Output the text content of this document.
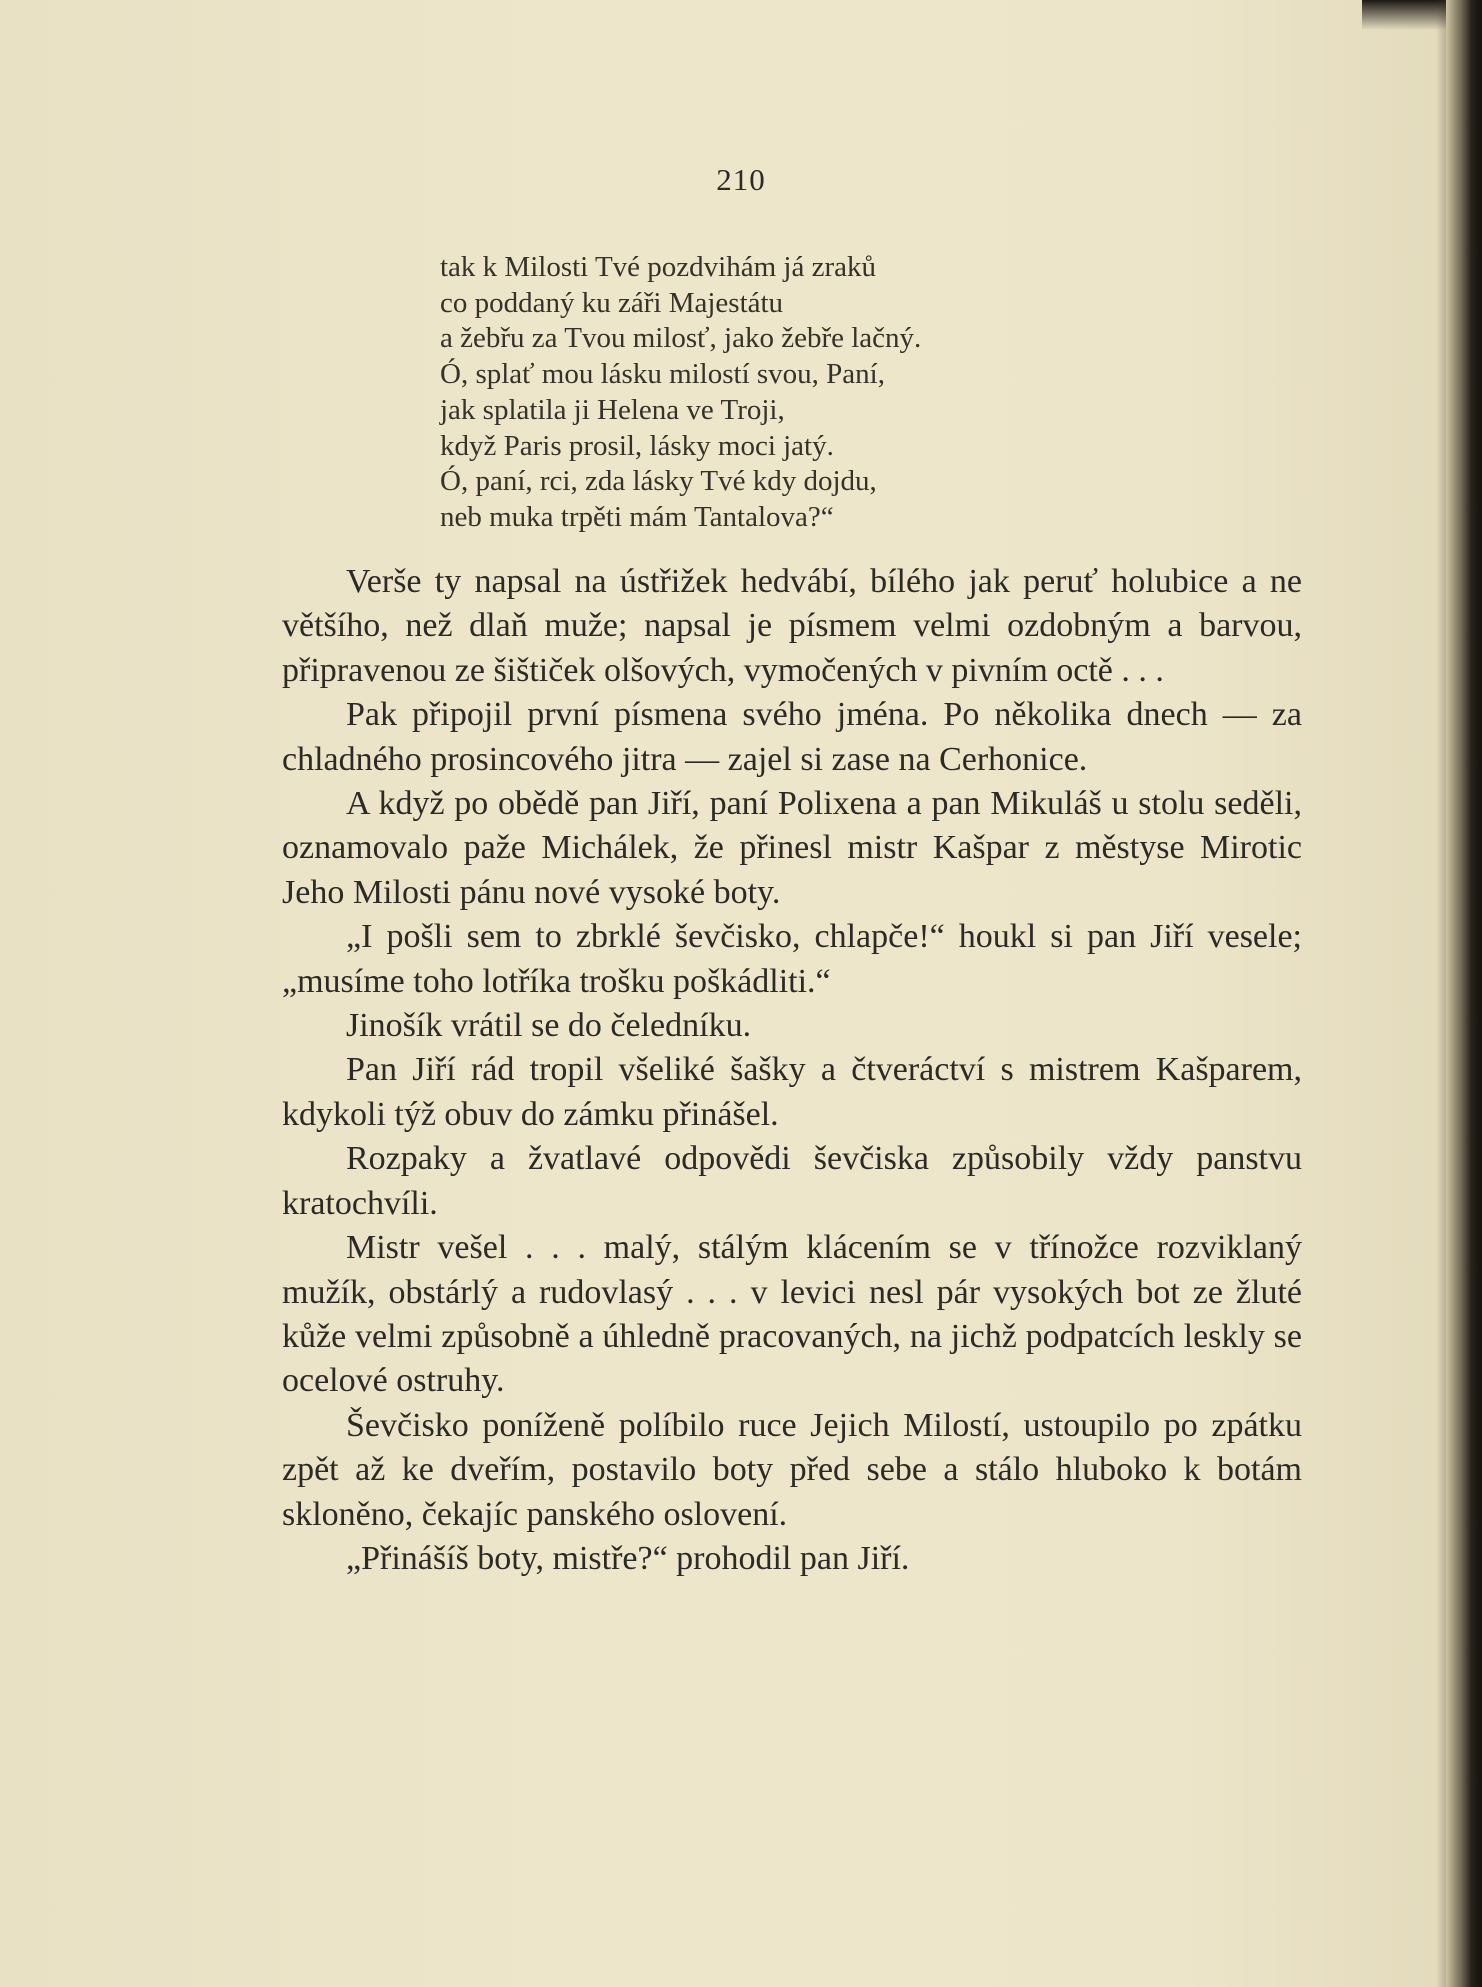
210
tak k Milosti Tvé pozdvihám já zraků
co poddaný ku záři Majestátu
a žebřu za Tvou milosť, jako žebře lačný.
Ó, splať mou lásku milostí svou, Paní,
jak splatila ji Helena ve Troji,
když Paris prosil, lásky moci jatý.
Ó, paní, rci, zda lásky Tvé kdy dojdu,
neb muka trpěti mám Tantalova?“

Verše ty napsal na ústřižek hedvábí, bílého jak peruť holubice a ne většího, než dlaň muže; napsal je písmem velmi ozdobným a barvou, připravenou ze šištiček olšových, vymočených v pivním octě . . .

Pak připojil první písmena svého jména. Po několika dnech — za chladného prosincového jitra — zajel si zase na Cerhonice.

A když po obědě pan Jiří, paní Polixena a pan Mikuláš u stolu seděli, oznamovalo paže Michálek, že přinesl mistr Kašpar z městyse Mirotic Jeho Milosti pánu nové vysoké boty.

„I pošli sem to zbrklé ševčisko, chlapče!“ houkl si pan Jiří vesele; „musíme toho lotříka trošku poškádliti.“

Jinošík vrátil se do čeledníku.

Pan Jiří rád tropil všeliké šašky a čtveráctví s mistrem Kašparem, kdykoli týž obuv do zámku přinášel.

Rozpaky a žvatlavé odpovědi ševčiska způsobily vždy panstvu kratochvíli.

Mistr vešel . . . malý, stálým klácením se v třínožce rozviklaný mužík, obstárlý a rudovlasý . . . v levici nesl pár vysokých bot ze žluté kůže velmi způsobně a úhledně pracovaných, na jichž podpatcích leskly se ocelové ostruhy.

Ševčisko poníženě políbilo ruce Jejich Milostí, ustoupilo po zpátku zpět až ke dveřím, postavilo boty před sebe a stálo hluboko k botám skloněno, čekajíc panského oslovení.

„Přinášíš boty, mistře?“ prohodil pan Jiří.
